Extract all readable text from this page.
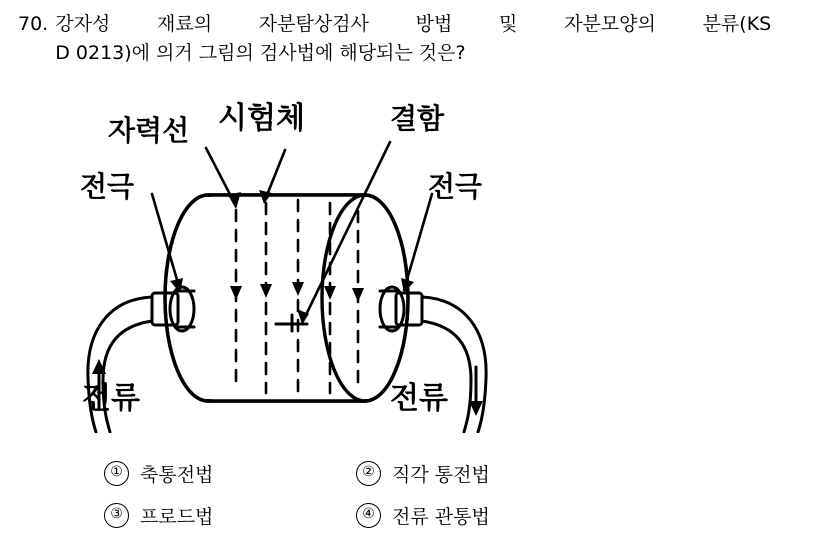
70. 강자성 재료의 자분탐상검사 방법 및 자분모양의 분류(KS
D 0213)에 의거 그림의 검사법에 해당되는 것은?
자력선 시험체	결함
전극	전극
전류	전류
① 축통전법	② 직각 통전법
③ 프로드법	④ 전류 관통법
